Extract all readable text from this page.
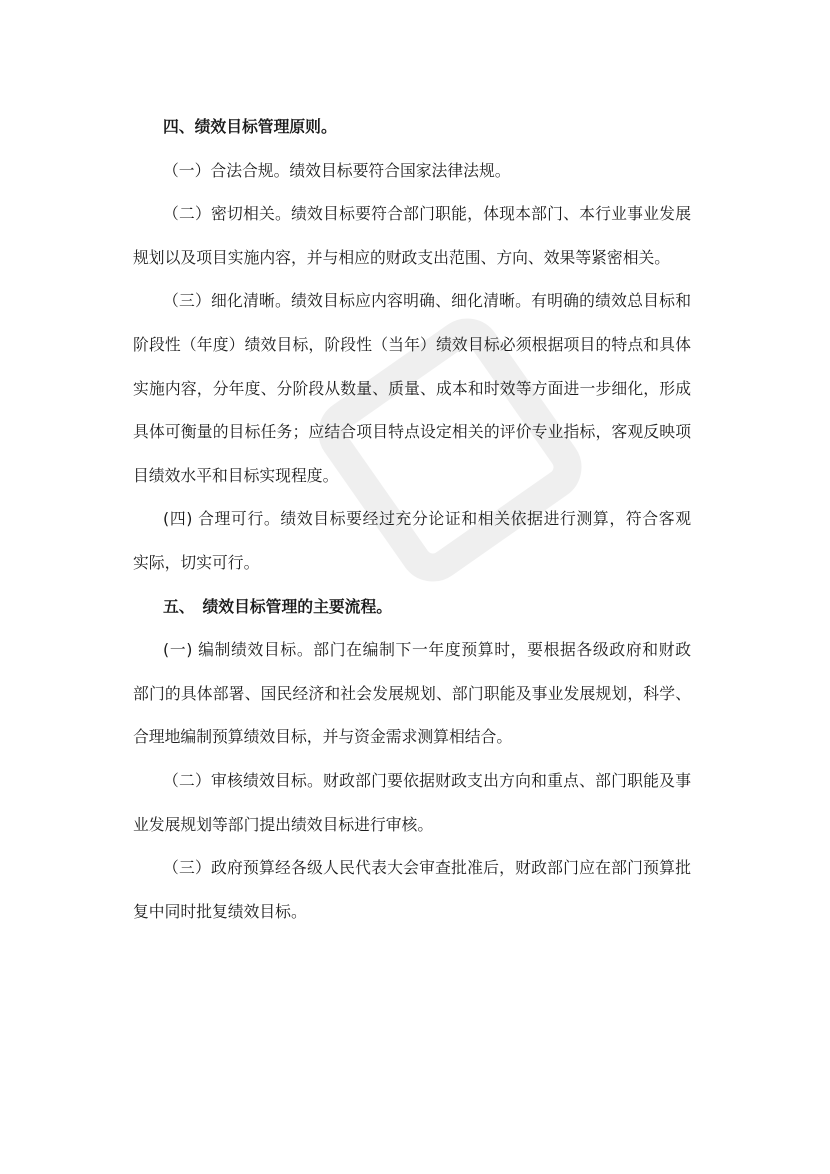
四、绩效目标管理原则。
（一）合法合规。绩效目标要符合国家法律法规。
（二）密切相关。绩效目标要符合部门职能，体现本部门、本行业事业发展
规划以及项目实施内容，并与相应的财政支出范围、方向、效果等紧密相关。
（三）细化清晰。绩效目标应内容明确、细化清晰。有明确的绩效总目标和
阶段性（年度）绩效目标，阶段性（当年）绩效目标必须根据项目的特点和具体
实施内容，分年度、分阶段从数量、质量、成本和时效等方面进一步细化，形成
具体可衡量的目标任务；应结合项目特点设定相关的评价专业指标，客观反映项
目绩效水平和目标实现程度。
(四) 合理可行。绩效目标要经过充分论证和相关依据进行测算，符合客观
实际，切实可行。
五、　绩效目标管理的主要流程。
(一) 编制绩效目标。部门在编制下一年度预算时，要根据各级政府和财政
部门的具体部署、国民经济和社会发展规划、部门职能及事业发展规划，科学、
合理地编制预算绩效目标，并与资金需求测算相结合。
（二）审核绩效目标。财政部门要依据财政支出方向和重点、部门职能及事
业发展规划等部门提出绩效目标进行审核。
（三）政府预算经各级人民代表大会审查批准后，财政部门应在部门预算批
复中同时批复绩效目标。
